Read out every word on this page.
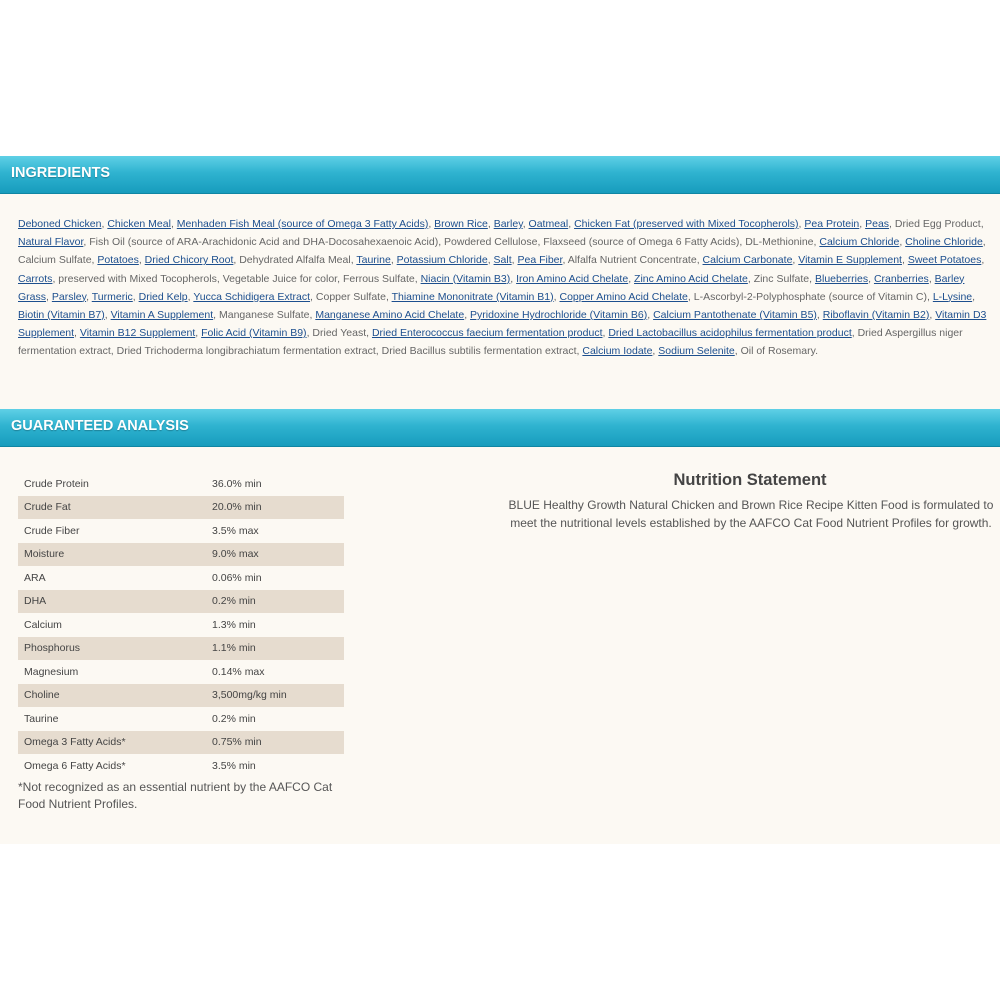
INGREDIENTS
Deboned Chicken, Chicken Meal, Menhaden Fish Meal (source of Omega 3 Fatty Acids), Brown Rice, Barley, Oatmeal, Chicken Fat (preserved with Mixed Tocopherols), Pea Protein, Peas, Dried Egg Product, Natural Flavor, Fish Oil (source of ARA-Arachidonic Acid and DHA-Docosahexaenoic Acid), Powdered Cellulose, Flaxseed (source of Omega 6 Fatty Acids), DL-Methionine, Calcium Chloride, Choline Chloride, Calcium Sulfate, Potatoes, Dried Chicory Root, Dehydrated Alfalfa Meal, Taurine, Potassium Chloride, Salt, Pea Fiber, Alfalfa Nutrient Concentrate, Calcium Carbonate, Vitamin E Supplement, Sweet Potatoes, Carrots, preserved with Mixed Tocopherols, Vegetable Juice for color, Ferrous Sulfate, Niacin (Vitamin B3), Iron Amino Acid Chelate, Zinc Amino Acid Chelate, Zinc Sulfate, Blueberries, Cranberries, Barley Grass, Parsley, Turmeric, Dried Kelp, Yucca Schidigera Extract, Copper Sulfate, Thiamine Mononitrate (Vitamin B1), Copper Amino Acid Chelate, L-Ascorbyl-2-Polyphosphate (source of Vitamin C), L-Lysine, Biotin (Vitamin B7), Vitamin A Supplement, Manganese Sulfate, Manganese Amino Acid Chelate, Pyridoxine Hydrochloride (Vitamin B6), Calcium Pantothenate (Vitamin B5), Riboflavin (Vitamin B2), Vitamin D3 Supplement, Vitamin B12 Supplement, Folic Acid (Vitamin B9), Dried Yeast, Dried Enterococcus faecium fermentation product, Dried Lactobacillus acidophilus fermentation product, Dried Aspergillus niger fermentation extract, Dried Trichoderma longibrachiatum fermentation extract, Dried Bacillus subtilis fermentation extract, Calcium Iodate, Sodium Selenite, Oil of Rosemary.
GUARANTEED ANALYSIS
Crude Protein	36.0% min
Crude Fat	20.0% min
Crude Fiber	3.5% max
Moisture	9.0% max
ARA	0.06% min
DHA	0.2% min
Calcium	1.3% min
Phosphorus	1.1% min
Magnesium	0.14% max
Choline	3,500mg/kg min
Taurine	0.2% min
Omega 3 Fatty Acids*	0.75% min
Omega 6 Fatty Acids*	3.5% min
*Not recognized as an essential nutrient by the AAFCO Cat Food Nutrient Profiles.
Nutrition Statement
BLUE Healthy Growth Natural Chicken and Brown Rice Recipe Kitten Food is formulated to meet the nutritional levels established by the AAFCO Cat Food Nutrient Profiles for growth.
